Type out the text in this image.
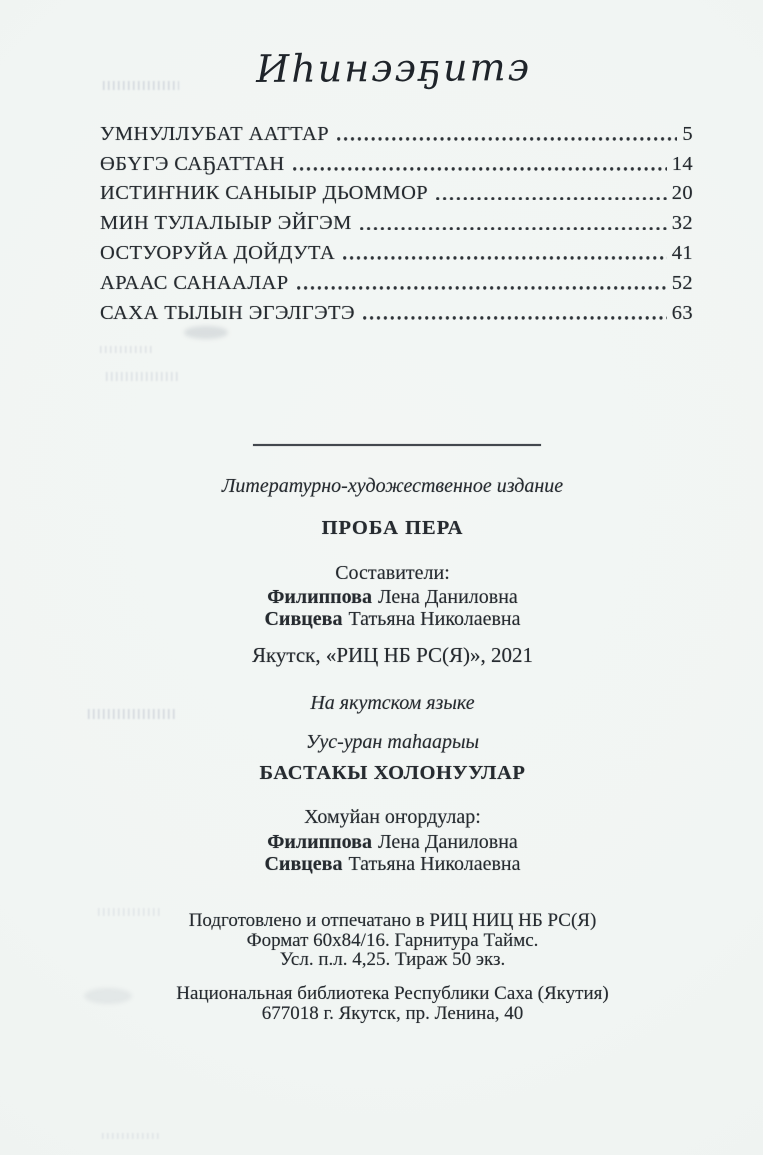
Иһинээҕитэ
УМНУЛЛУБАТ ААТТАР	5
ӨБҮГЭ САҔАТТАН	14
ИСТИҤНИК САНЫЫР ДЬОММОР	20
МИН ТУЛАЛЫЫР ЭЙГЭМ	32
ОСТУОРУЙА ДОЙДУТА	41
АРААС САНААЛАР	52
САХА ТЫЛЫН ЭГЭЛГЭТЭ	63
Литературно-художественное издание
ПРОБА ПЕРА
Составители:
Филиппова Лена Даниловна
Сивцева Татьяна Николаевна
Якутск, «РИЦ НБ РС(Я)», 2021
На якутском языке
Уус-уран таһаарыы
БАСТАКЫ ХОЛОНУУЛАР
Хомуйан оҥордулар:
Филиппова Лена Даниловна
Сивцева Татьяна Николаевна
Подготовлено и отпечатано в РИЦ НИЦ НБ РС(Я)
Формат 60х84/16. Гарнитура Таймс.
Усл. п.л. 4,25. Тираж 50 экз.
Национальная библиотека Республики Саха (Якутия)
677018 г. Якутск, пр. Ленина, 40
